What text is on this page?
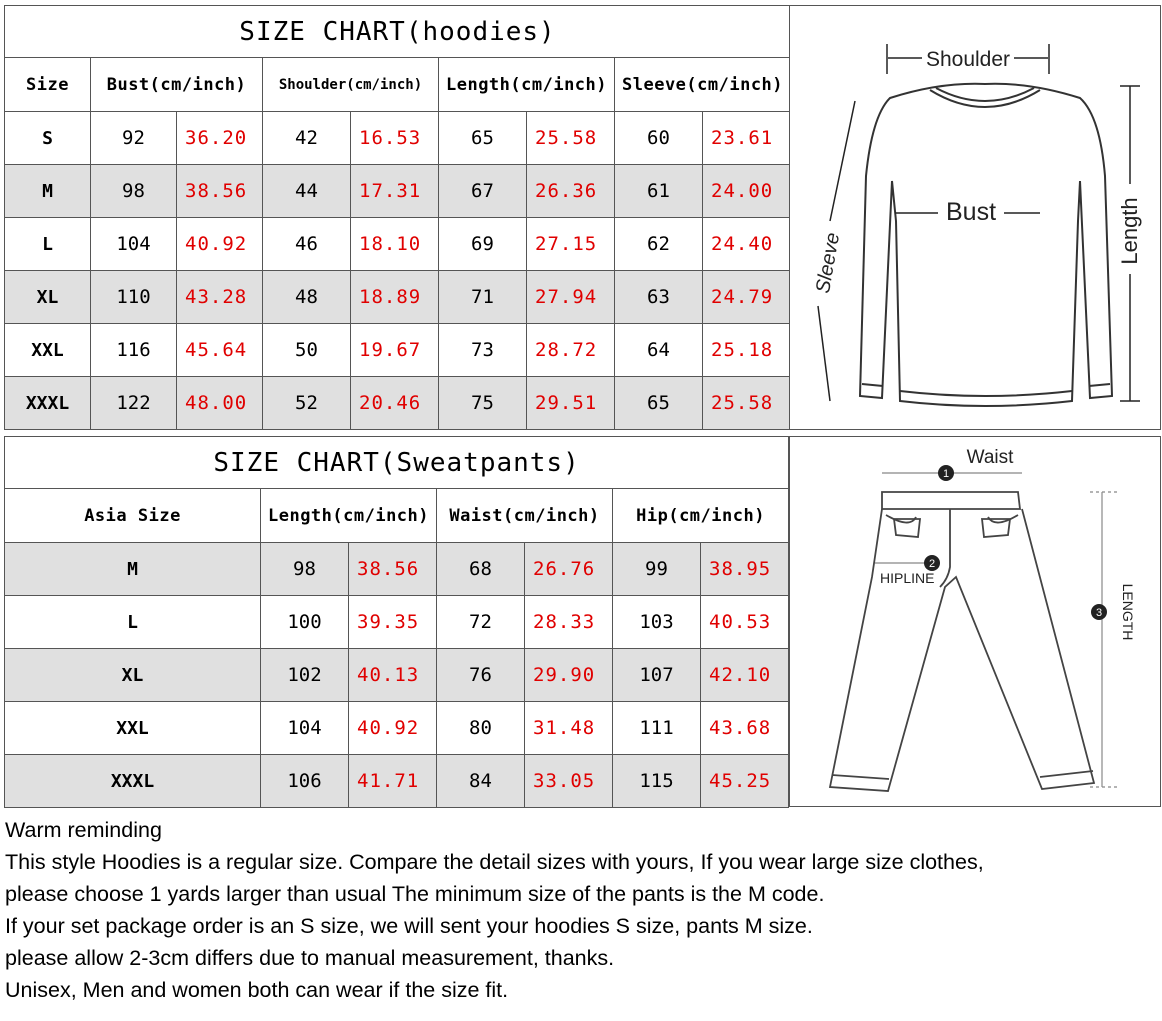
SIZE CHART(hoodies)								
Size	Bust(cm/inch)		Shoulder(cm/inch)		Length(cm/inch)		Sleeve(cm/inch)	
S	92	36.20	42	16.53	65	25.58	60	23.61
M	98	38.56	44	17.31	67	26.36	61	24.00
L	104	40.92	46	18.10	69	27.15	62	24.40
XL	110	43.28	48	18.89	71	27.94	63	24.79
XXL	116	45.64	50	19.67	73	28.72	64	25.18
XXXL	122	48.00	52	20.46	75	29.51	65	25.58
Shoulder
Bust	Length
Sleeve
SIZE CHART(Sweatpants)						
Asia Size	Length(cm/inch)		Waist(cm/inch)		Hip(cm/inch)	
M	98	38.56	68	26.76	99	38.95
L	100	39.35	72	28.33	103	40.53
XL	102	40.13	76	29.90	107	42.10
XXL	104	40.92	80	31.48	111	43.68
XXXL	106	41.71	84	33.05	115	45.25
1
2
3
Waist
HIPLINE
LENGTH
Warm reminding
This style Hoodies is a regular size. Compare the detail sizes with yours, If you wear large size clothes,
please choose 1 yards larger than usual The minimum size of the pants is the M code.
If your set package order is an S size, we will sent your hoodies S size, pants M size.
please allow 2-3cm differs due to manual measurement, thanks.
Unisex, Men and women both can wear if the size fit.
